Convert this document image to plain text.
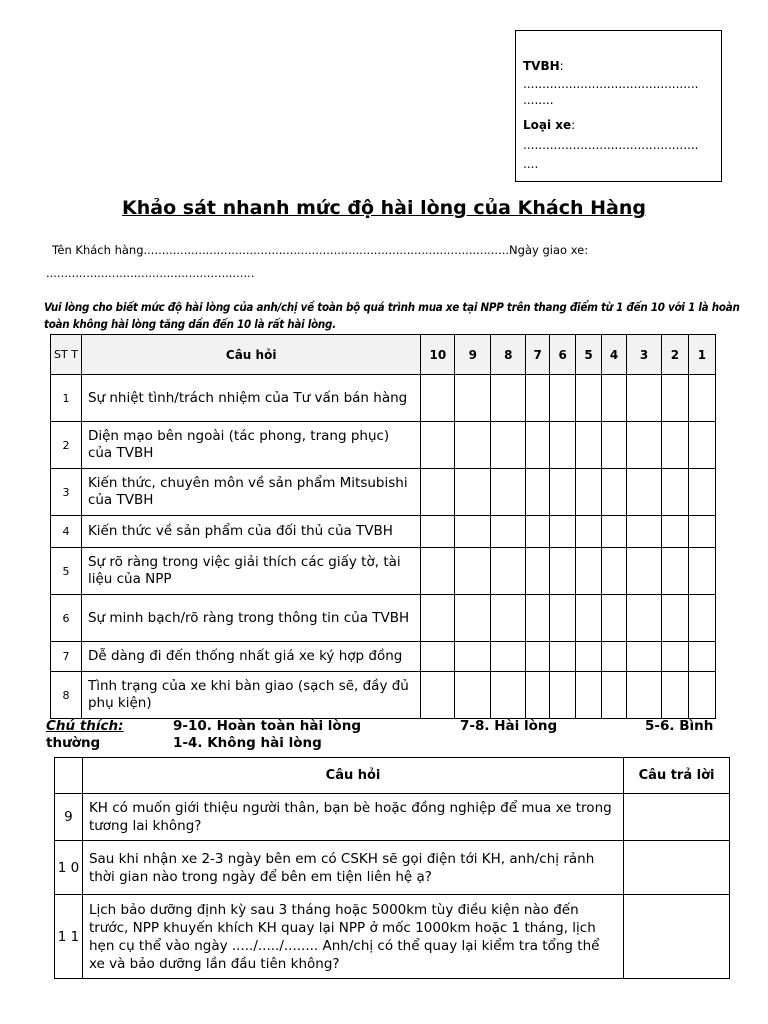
TVBH:
..............................................
........
Loại xe:
..............................................
....
Khảo sát nhanh mức độ hài lòng của Khách Hàng
Tên Khách hàng....................................................................................................Ngày giao xe:
.........................................................
Vui lòng cho biết mức độ hài lòng của anh/chị về toàn bộ quá trình mua xe tại NPP trên thang điểm từ 1 đến 10 với 1 là hoàn toàn không hài lòng tăng dần đến 10 là rất hài lòng.
ST T	Câu hỏi	10	9	8	7	6	5	4	3	2	1
1	Sự nhiệt tình/trách nhiệm của Tư vấn bán hàng										
2	Diện mạo bên ngoài (tác phong, trang phục) của TVBH										
3	Kiến thức, chuyên môn về sản phẩm Mitsubishi của TVBH										
4	Kiến thức về sản phẩm của đối thủ của TVBH										
5	Sự rõ ràng trong việc giải thích các giấy tờ, tài liệu của NPP										
6	Sự minh bạch/rõ ràng trong thông tin của TVBH										
7	Dễ dàng đi đến thống nhất giá xe ký hợp đồng										
8	Tình trạng của xe khi bàn giao (sạch sẽ, đầy đủ phụ kiện)										
Chú thích:	9-10. Hoàn toàn hài lòng	7-8. Hài lòng	5-6. Bình
thường	1-4. Không hài lòng
	Câu hỏi	Câu trả lời
9	KH có muốn giới thiệu người thân, bạn bè hoặc đồng nghiệp để mua xe trong tương lai không?	
1 0	Sau khi nhận xe 2-3 ngày bên em có CSKH sẽ gọi điện tới KH, anh/chị rảnh thời gian nào trong ngày để bên em tiện liên hệ ạ?	
1 1	Lịch bảo dưỡng định kỳ sau 3 tháng hoặc 5000km tùy điều kiện nào đến trước, NPP khuyến khích KH quay lại NPP ở mốc 1000km hoặc 1 tháng, lịch hẹn cụ thể vào ngày ...../...../........ Anh/chị có thể quay lại kiểm tra tổng thể xe và bảo dưỡng lần đầu tiên không?	
